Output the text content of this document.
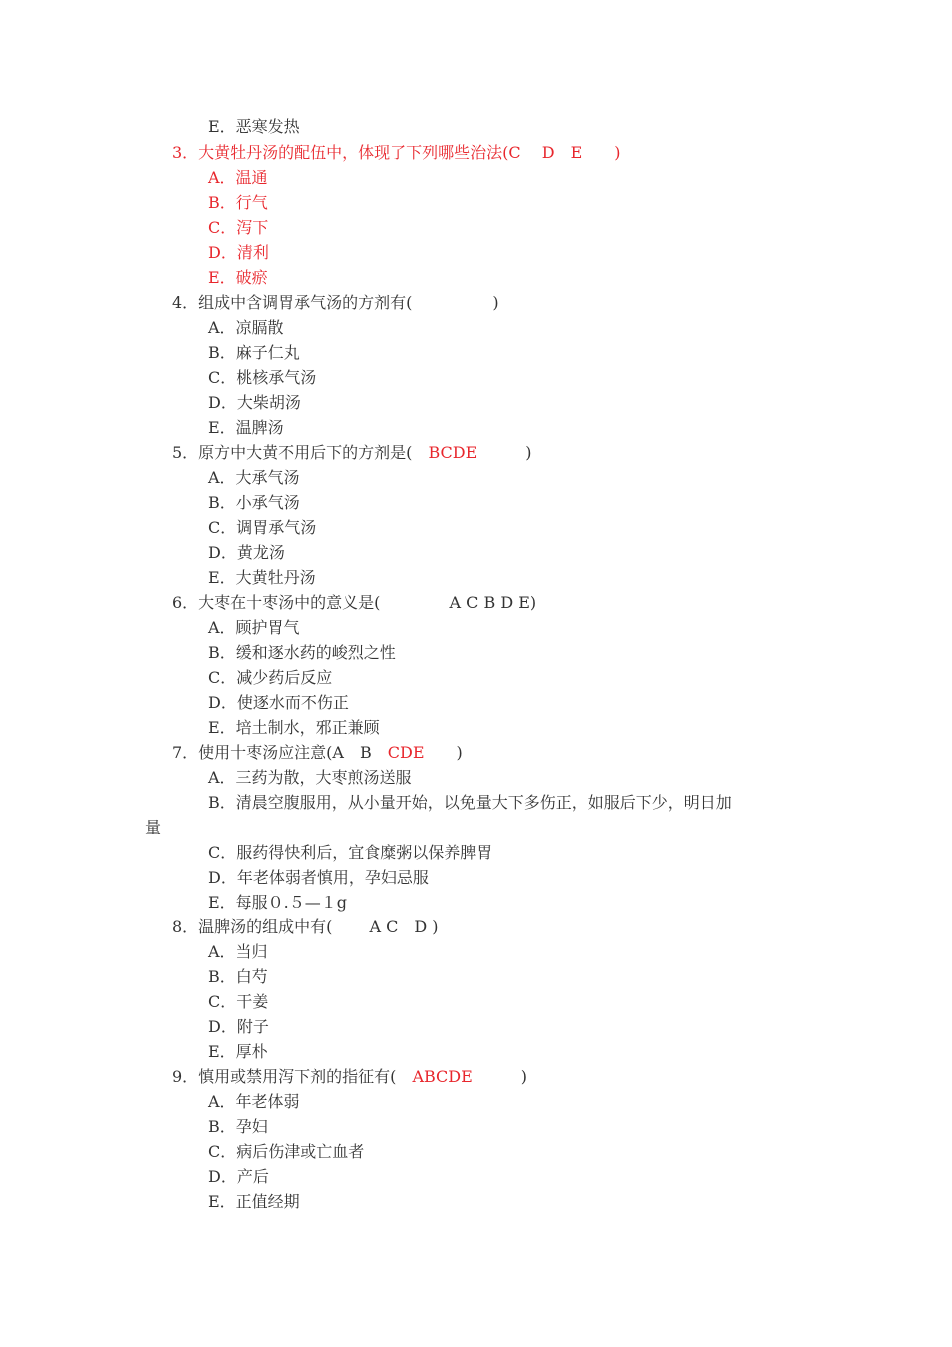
E．恶寒发热
3．大黄牡丹汤的配伍中，体现了下列哪些治法(C　 D　E　　)
A．温通
B．行气
C．泻下
D．清利
E．破瘀
4．组成中含调胃承气汤的方剂有(　　　　　)
A．凉膈散
B．麻子仁丸
C．桃核承气汤
D．大柴胡汤
E．温脾汤
5．原方中大黄不用后下的方剂是(　BCDE　　　)
A．大承气汤
B．小承气汤
C．调胃承气汤
D．黄龙汤
E．大黄牡丹汤
6．大枣在十枣汤中的意义是(　　　　 A C B D E)
A．顾护胃气
B．缓和逐水药的峻烈之性
C．减少药后反应
D．使逐水而不伤正
E．培土制水，邪正兼顾
7．使用十枣汤应注意(A　B　CDE　　)
A．三药为散，大枣煎汤送服
B．清晨空腹服用，从小量开始，以免量大下多伤正，如服后下少，明日加
量
C．服药得快利后，宜食糜粥以保养脾胃
D．年老体弱者慎用，孕妇忌服
E．每服０.５—１g
8．温脾汤的组成中有(　　 A C　D )
A．当归
B．白芍
C．干姜
D．附子
E．厚朴
9．慎用或禁用泻下剂的指征有(　ABCDE　　　)
A．年老体弱
B．孕妇
C．病后伤津或亡血者
D．产后
E．正值经期
